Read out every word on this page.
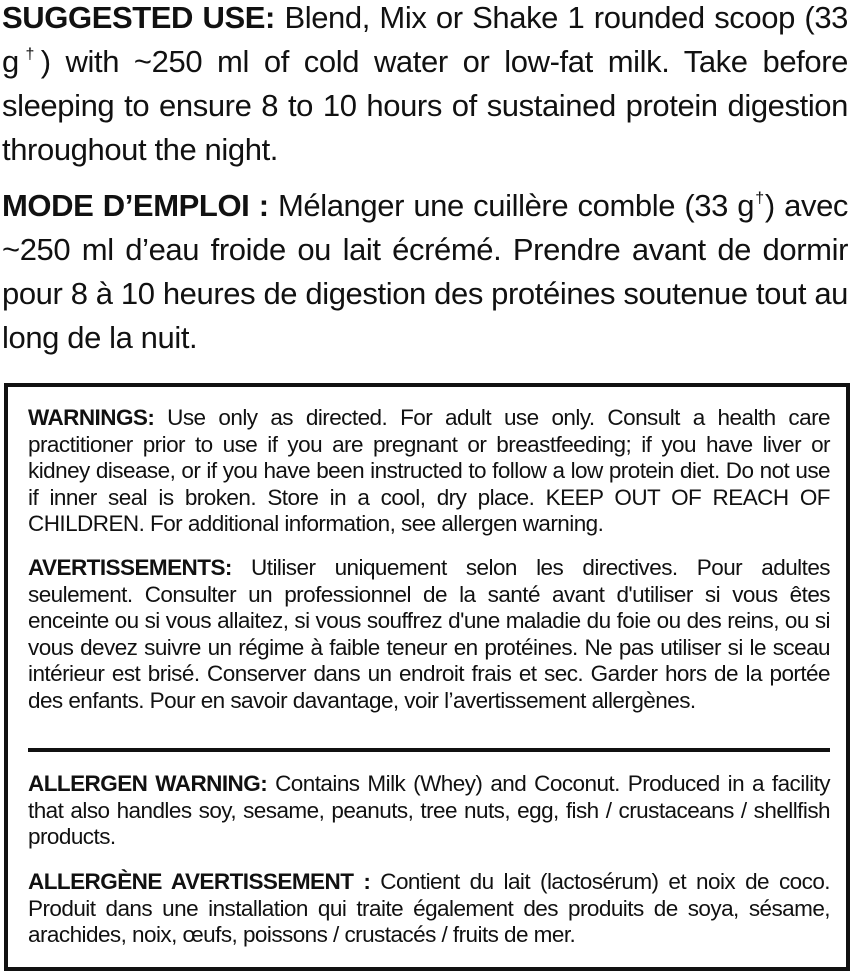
SUGGESTED USE: Blend, Mix or Shake 1 rounded scoop (33 g†) with ~250 ml of cold water or low-fat milk. Take before sleeping to ensure 8 to 10 hours of sustained protein digestion throughout the night.
MODE D’EMPLOI : Mélanger une cuillère comble (33 g†) avec ~250 ml d’eau froide ou lait écrémé. Prendre avant de dormir pour 8 à 10 heures de digestion des protéines soutenue tout au long de la nuit.

WARNINGS: Use only as directed. For adult use only. Consult a health care practitioner prior to use if you are pregnant or breastfeeding; if you have liver or kidney disease, or if you have been instructed to follow a low protein diet. Do not use if inner seal is broken. Store in a cool, dry place. KEEP OUT OF REACH OF CHILDREN. For additional information, see allergen warning.

AVERTISSEMENTS: Utiliser uniquement selon les directives. Pour adultes seulement. Consulter un professionnel de la santé avant d'utiliser si vous êtes enceinte ou si vous allaitez, si vous souffrez d'une maladie du foie ou des reins, ou si vous devez suivre un régime à faible teneur en protéines. Ne pas utiliser si le sceau intérieur est brisé. Conserver dans un endroit frais et sec. Garder hors de la portée des enfants. Pour en savoir davantage, voir l’avertissement allergènes.

ALLERGEN WARNING: Contains Milk (Whey) and Coconut. Produced in a facility that also handles soy, sesame, peanuts, tree nuts, egg, fish / crustaceans / shellfish products.

ALLERGÈNE AVERTISSEMENT : Contient du lait (lactosérum) et noix de coco. Produit dans une installation qui traite également des produits de soya, sésame, arachides, noix, œufs, poissons / crustacés / fruits de mer.
